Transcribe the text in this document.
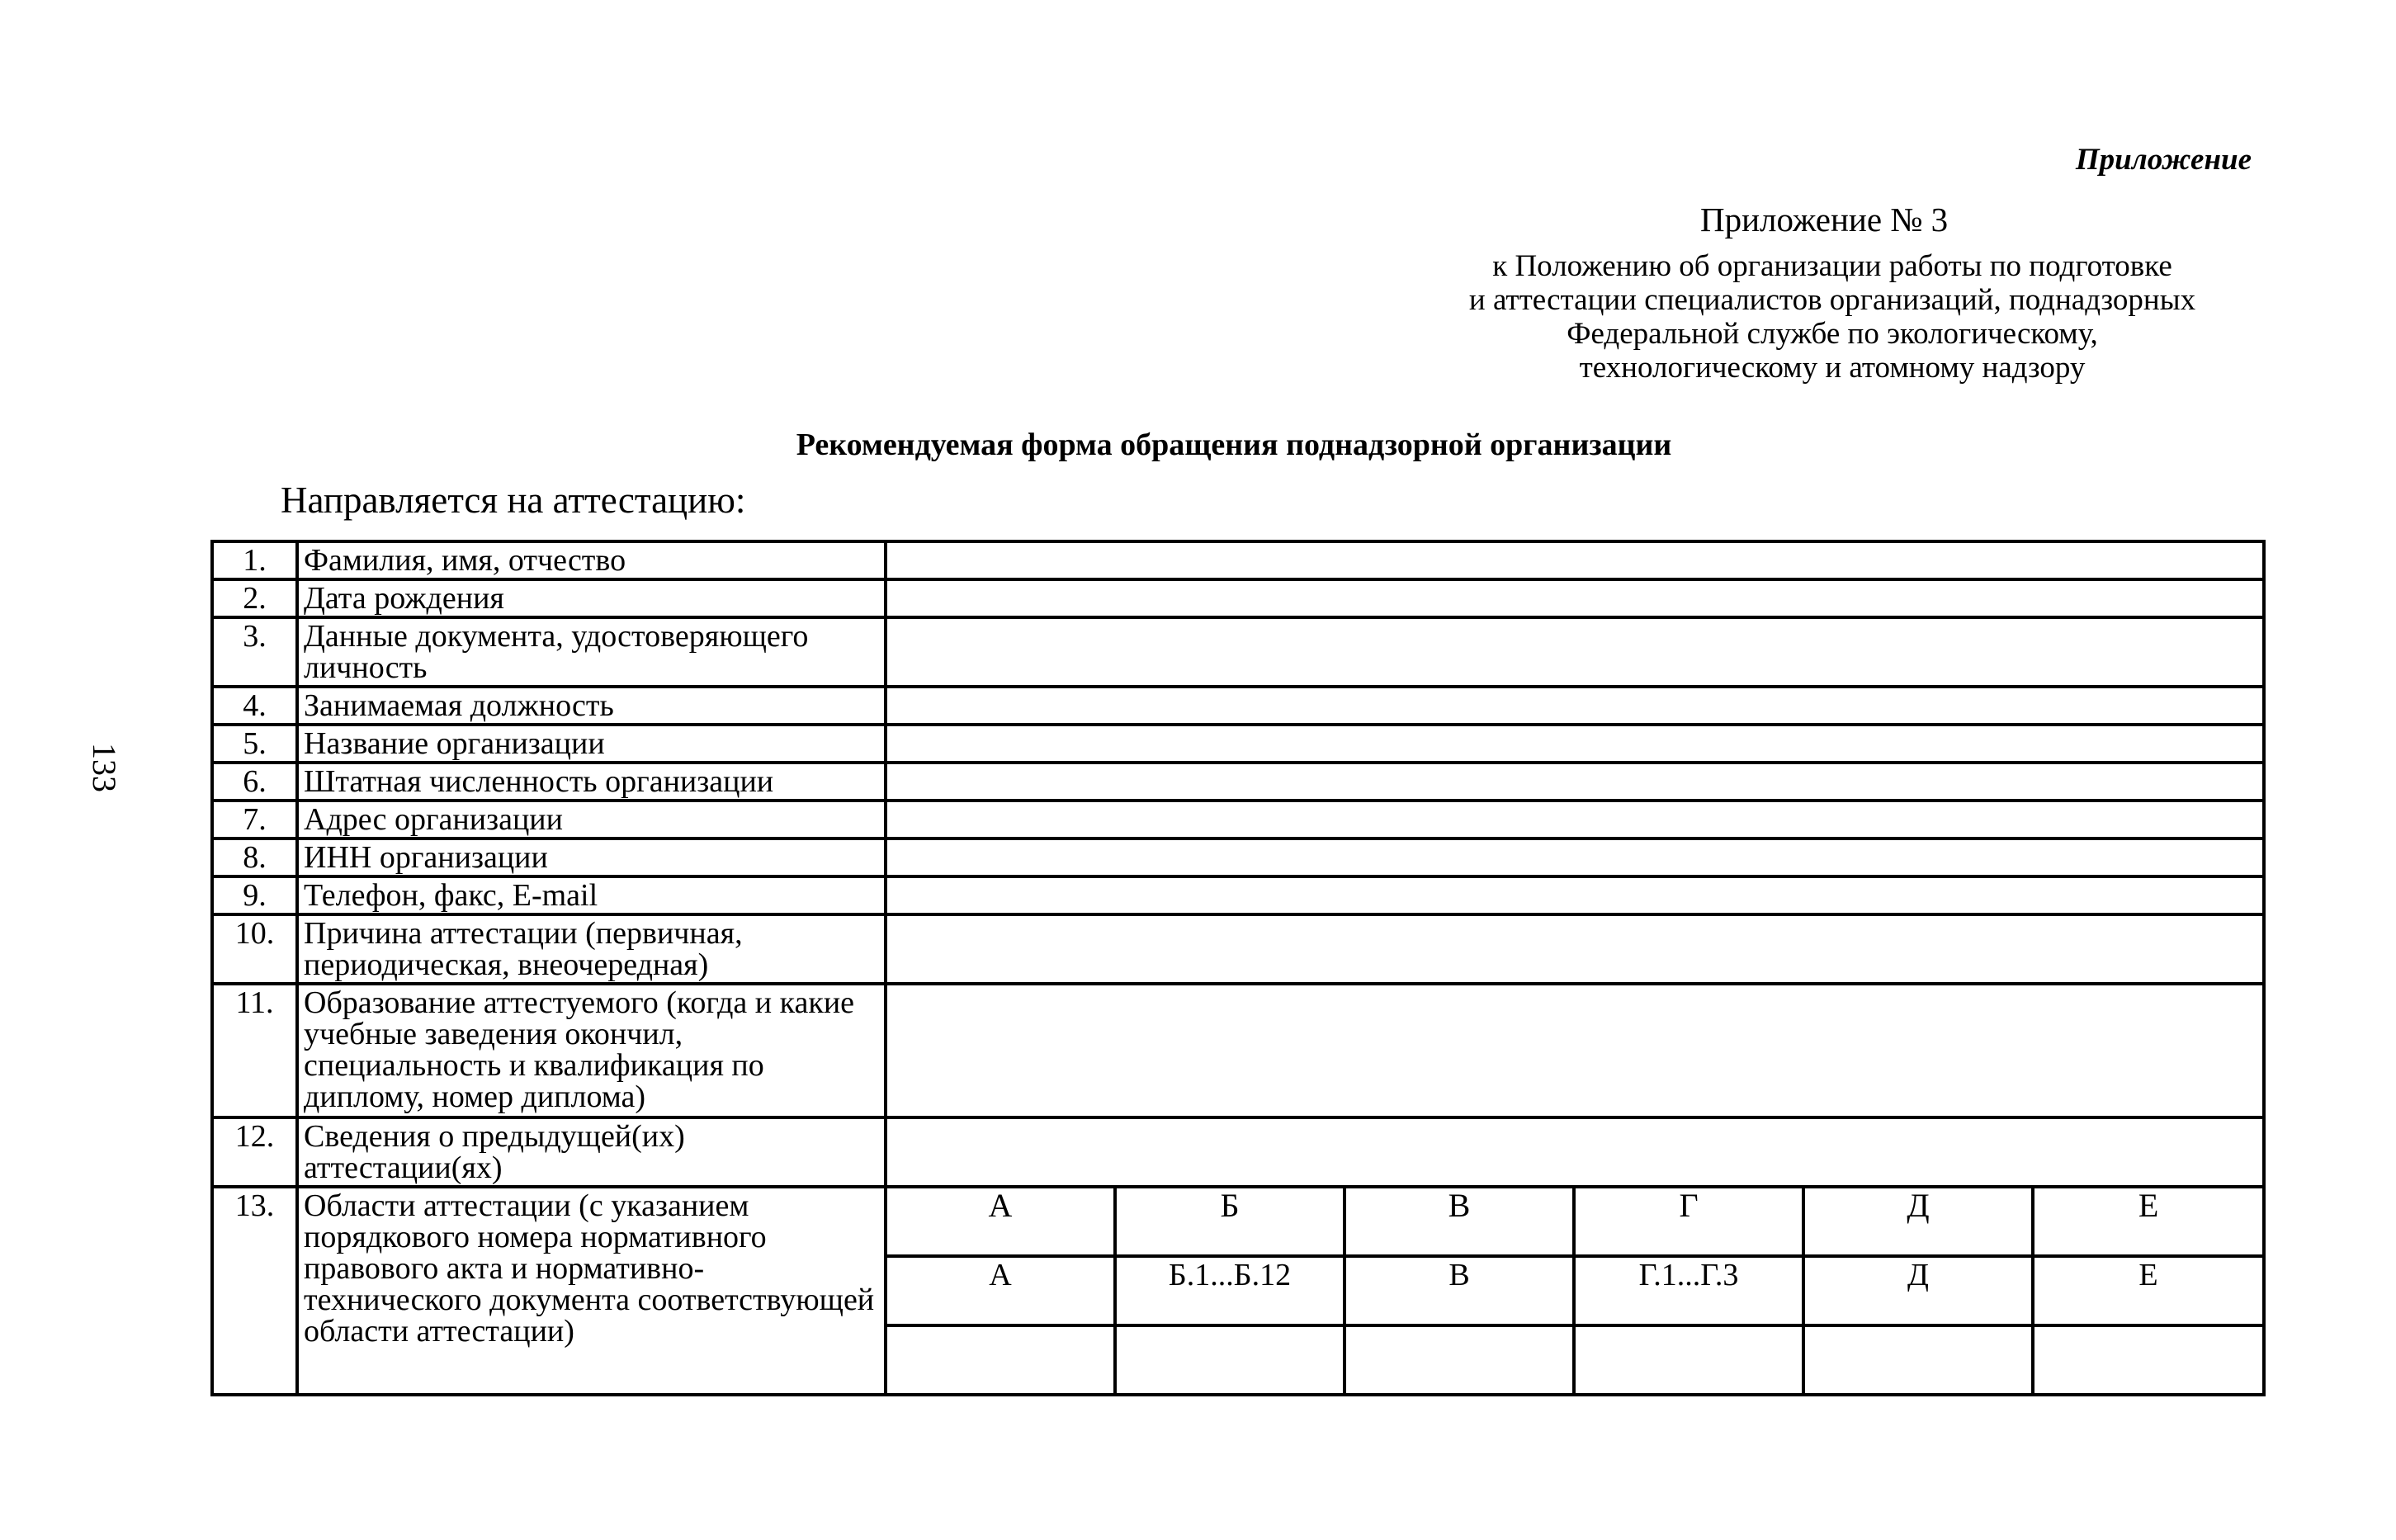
133
Приложение
Приложение № 3
к Положению об организации работы по подготовке
и аттестации специалистов организаций, поднадзорных
Федеральной службе по экологическому,
технологическому и атомному надзору
Рекомендуемая форма обращения поднадзорной организации
Направляется на аттестацию:
1.	Фамилия, имя, отчество						
2.	Дата рождения						
3.	Данные документа, удостоверяющего личность						
4.	Занимаемая должность						
5.	Название организации						
6.	Штатная численность организации						
7.	Адрес организации						
8.	ИНН организации						
9.	Телефон, факс, E-mail						
10.	Причина аттестации (первичная, периодическая, внеочередная)						
11.	Образование аттестуемого (когда и какие учебные заведения окончил, специальность и квалификация по диплому, номер диплома)						
12.	Сведения о предыдущей(их) аттестации(ях)						
13.	Области аттестации (с указанием порядкового номера нормативного правового акта и нормативно-технического документа соответствующей области аттестации)	А	Б	В	Г	Д	Е
		А	Б.1...Б.12	В	Г.1...Г.3	Д	Е
